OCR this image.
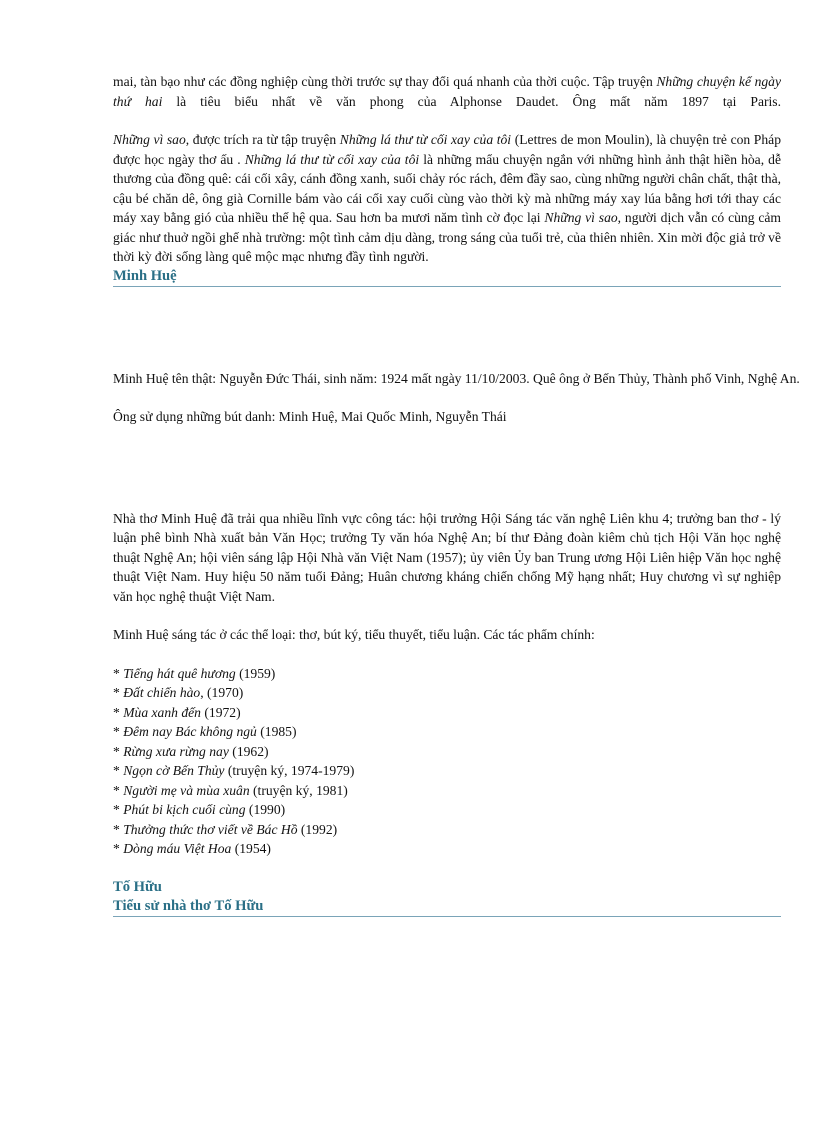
mai, tàn bạo như các đồng nghiệp cùng thời trước sự thay đổi quá nhanh của thời cuộc. Tập truyện Những chuyện kể ngày thứ hai là tiêu biểu nhất về văn phong của Alphonse Daudet. Ông mất năm 1897 tại Paris.

Những vì sao, được trích ra từ tập truyện Những lá thư từ cối xay của tôi (Lettres de mon Moulin), là chuyện trẻ con Pháp được học ngày thơ ấu . Những lá thư từ cối xay của tôi là những mẩu chuyện ngắn với những hình ảnh thật hiền hòa, dễ thương của đồng quê: cái cối xây, cánh đồng xanh, suối chảy róc rách, đêm đầy sao, cùng những người chân chất, thật thà, cậu bé chăn dê, ông già Cornille bám vào cái cối xay cuối cùng vào thời kỳ mà những máy xay lúa bằng hơi tới thay các máy xay bằng gió của nhiều thế hệ qua. Sau hơn ba mươi năm tình cờ đọc lại Những vì sao, người dịch vẫn có cùng cảm giác như thuở ngồi ghế nhà trường: một tình cảm dịu dàng, trong sáng của tuổi trẻ, của thiên nhiên. Xin mời độc giả trở về thời kỳ đời sống làng quê mộc mạc nhưng đầy tình người.

Minh Huệ

Minh Huệ tên thật: Nguyễn Đức Thái, sinh năm: 1924 mất ngày 11/10/2003. Quê ông ở Bến Thủy, Thành phố Vinh, Nghệ An.

Ông sử dụng những bút danh: Minh Huệ, Mai Quốc Minh, Nguyễn Thái

Nhà thơ Minh Huệ đã trải qua nhiều lĩnh vực công tác: hội trưởng Hội Sáng tác văn nghệ Liên khu 4; trưởng ban thơ - lý luận phê bình Nhà xuất bản Văn Học; trưởng Ty văn hóa Nghệ An; bí thư Đảng đoàn kiêm chủ tịch Hội Văn học nghệ thuật Nghệ An; hội viên sáng lập Hội Nhà văn Việt Nam (1957); ủy viên Ủy ban Trung ương Hội Liên hiệp Văn học nghệ thuật Việt Nam. Huy hiệu 50 năm tuổi Đảng; Huân chương kháng chiến chống Mỹ hạng nhất; Huy chương vì sự nghiệp văn học nghệ thuật Việt Nam.

Minh Huệ sáng tác ở các thể loại: thơ, bút ký, tiểu thuyết, tiểu luận. Các tác phẩm chính:

* Tiếng hát quê hương (1959)
* Đất chiến hào, (1970)
* Mùa xanh đến (1972)
* Đêm nay Bác không ngủ (1985)
* Rừng xưa rừng nay (1962)
* Ngọn cờ Bến Thủy (truyện ký, 1974-1979)
* Người mẹ và mùa xuân (truyện ký, 1981)
* Phút bi kịch cuối cùng (1990)
* Thưởng thức thơ viết về Bác Hồ (1992)
* Dòng máu Việt Hoa (1954)
Tố Hữu
Tiểu sử nhà thơ Tố Hữu
